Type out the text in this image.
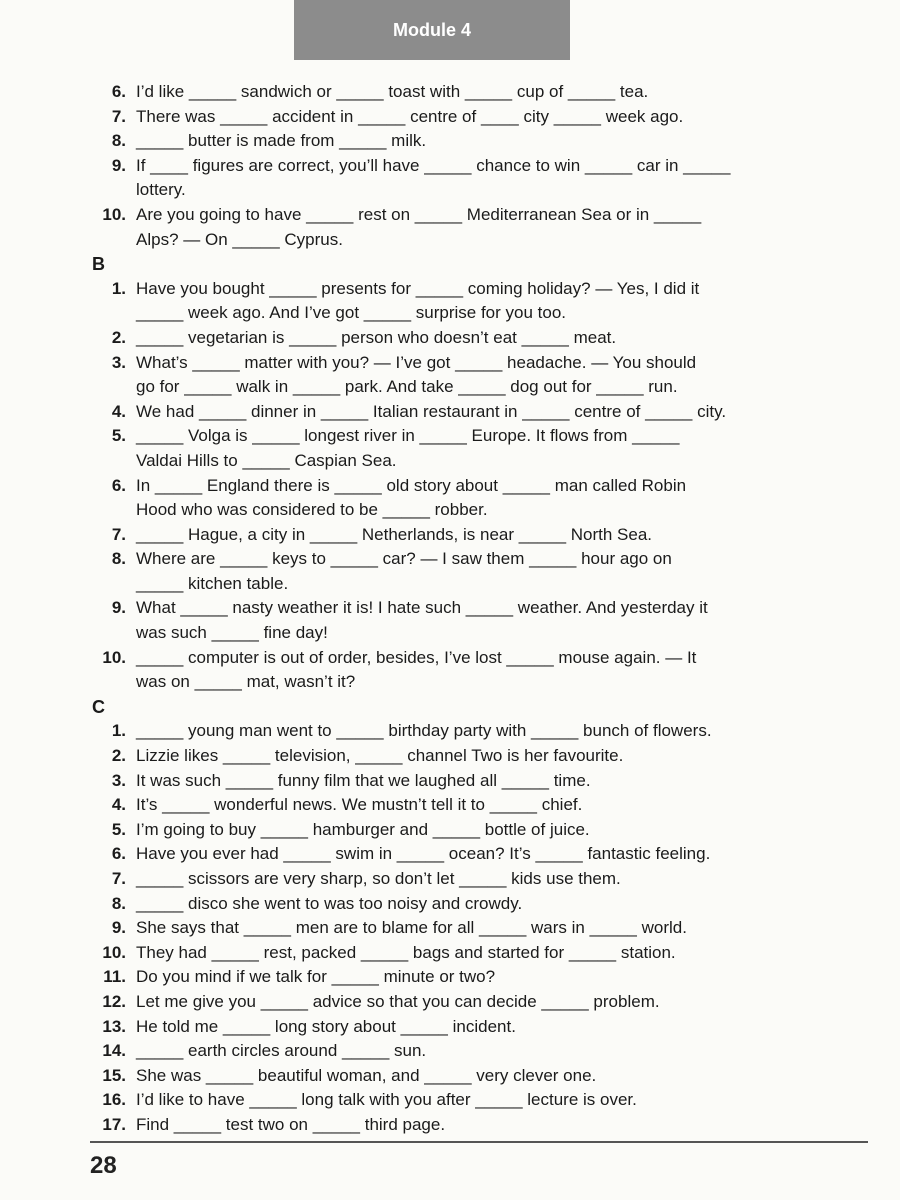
Module 4
6. I’d like _____ sandwich or _____ toast with _____ cup of _____ tea.
7. There was _____ accident in _____ centre of ____ city _____ week ago.
8. _____ butter is made from _____ milk.
9. If ____ figures are correct, you’ll have _____ chance to win _____ car in _____
lottery.
10. Are you going to have _____ rest on _____ Mediterranean Sea or in _____
Alps? — On _____ Cyprus.
B
1. Have you bought _____ presents for _____ coming holiday? — Yes, I did it
_____ week ago. And I’ve got _____ surprise for you too.
2. _____ vegetarian is _____ person who doesn’t eat _____ meat.
3. What’s _____ matter with you? — I’ve got _____ headache. — You should
go for _____ walk in _____ park. And take _____ dog out for _____ run.
4. We had _____ dinner in _____ Italian restaurant in _____ centre of _____ city.
5. _____ Volga is _____ longest river in _____ Europe. It flows from _____
Valdai Hills to _____ Caspian Sea.
6. In _____ England there is _____ old story about _____ man called Robin
Hood who was considered to be _____ robber.
7. _____ Hague, a city in _____ Netherlands, is near _____ North Sea.
8. Where are _____ keys to _____ car? — I saw them _____ hour ago on
_____ kitchen table.
9. What _____ nasty weather it is! I hate such _____ weather. And yesterday it
was such _____ fine day!
10. _____ computer is out of order, besides, I’ve lost _____ mouse again. — It
was on _____ mat, wasn’t it?
C
1. _____ young man went to _____ birthday party with _____ bunch of flowers.
2. Lizzie likes _____ television, _____ channel Two is her favourite.
3. It was such _____ funny film that we laughed all _____ time.
4. It’s _____ wonderful news. We mustn’t tell it to _____ chief.
5. I’m going to buy _____ hamburger and _____ bottle of juice.
6. Have you ever had _____ swim in _____ ocean? It’s _____ fantastic feeling.
7. _____ scissors are very sharp, so don’t let _____ kids use them.
8. _____ disco she went to was too noisy and crowdy.
9. She says that _____ men are to blame for all _____ wars in _____ world.
10. They had _____ rest, packed _____ bags and started for _____ station.
11. Do you mind if we talk for _____ minute or two?
12. Let me give you _____ advice so that you can decide _____ problem.
13. He told me _____ long story about _____ incident.
14. _____ earth circles around _____ sun.
15. She was _____ beautiful woman, and _____ very clever one.
16. I’d like to have _____ long talk with you after _____ lecture is over.
17. Find _____ test two on _____ third page.
28
